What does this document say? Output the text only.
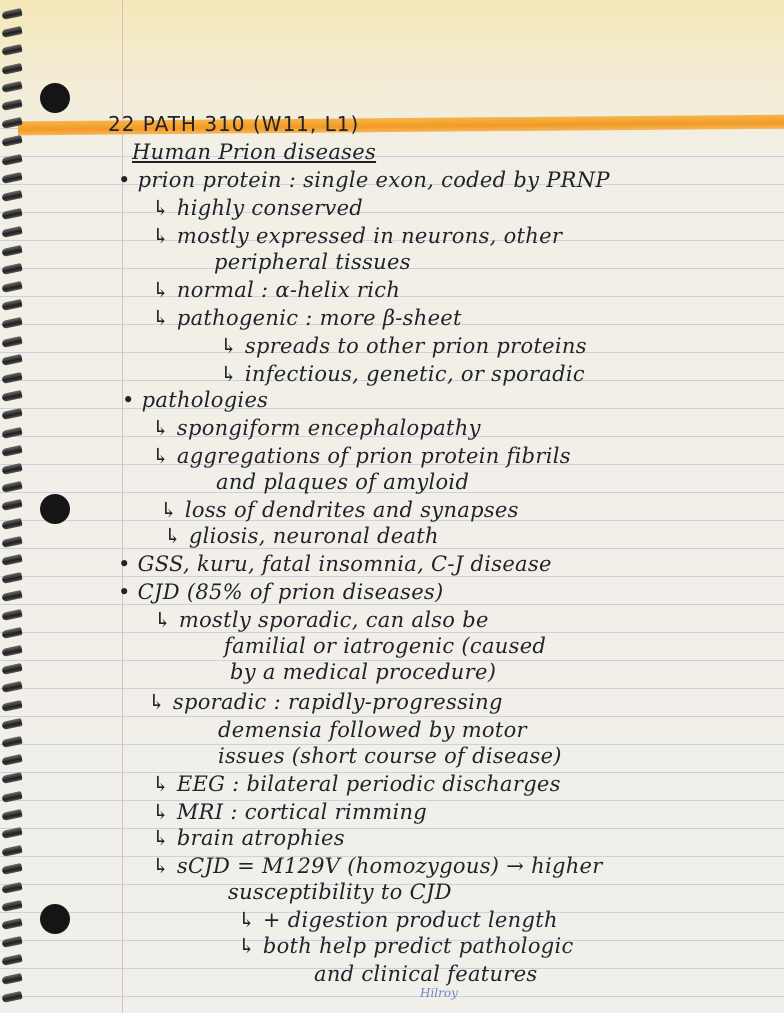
22 PATH 310 (W11, L1)
Human Prion diseases
• prion protein : single exon, coded by PRNP
↳ highly conserved
↳ mostly expressed in neurons, other
peripheral tissues
↳ normal : α-helix rich
↳ pathogenic : more β-sheet
↳ spreads to other prion proteins
↳ infectious, genetic, or sporadic
• pathologies
↳ spongiform encephalopathy
↳ aggregations of prion protein fibrils
and plaques of amyloid
↳ loss of dendrites and synapses
↳ gliosis, neuronal death
• GSS, kuru, fatal insomnia, C-J disease
• CJD (85% of prion diseases)
↳ mostly sporadic, can also be
familial or iatrogenic (caused
by a medical procedure)
↳ sporadic : rapidly-progressing
demensia followed by motor
issues (short course of disease)
↳ EEG : bilateral periodic discharges
↳ MRI : cortical rimming
↳ brain atrophies
↳ sCJD = M129V (homozygous) → higher
susceptibility to CJD
↳ + digestion product length
↳ both help predict pathologic
and clinical features
Hilroy
